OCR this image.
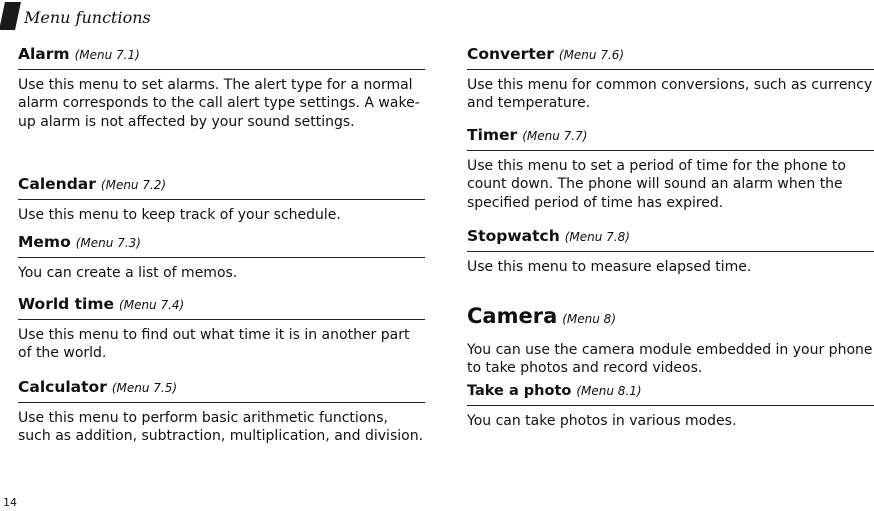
Menu functions
Alarm (Menu 7.1)

Use this menu to set alarms. The alert type for a normal alarm corresponds to the call alert type settings. A wake-up alarm is not affected by your sound settings.

Calendar (Menu 7.2)

Use this menu to keep track of your schedule.

Memo (Menu 7.3)

You can create a list of memos.

World time (Menu 7.4)

Use this menu to find out what time it is in another part of the world.

Calculator (Menu 7.5)

Use this menu to perform basic arithmetic functions, such as addition, subtraction, multiplication, and division.

Converter (Menu 7.6)

Use this menu for common conversions, such as currency and temperature.

Timer (Menu 7.7)

Use this menu to set a period of time for the phone to count down. The phone will sound an alarm when the specified period of time has expired.

Stopwatch (Menu 7.8)

Use this menu to measure elapsed time.

Camera (Menu 8)

You can use the camera module embedded in your phone to take photos and record videos.

Take a photo (Menu 8.1)

You can take photos in various modes.

14
